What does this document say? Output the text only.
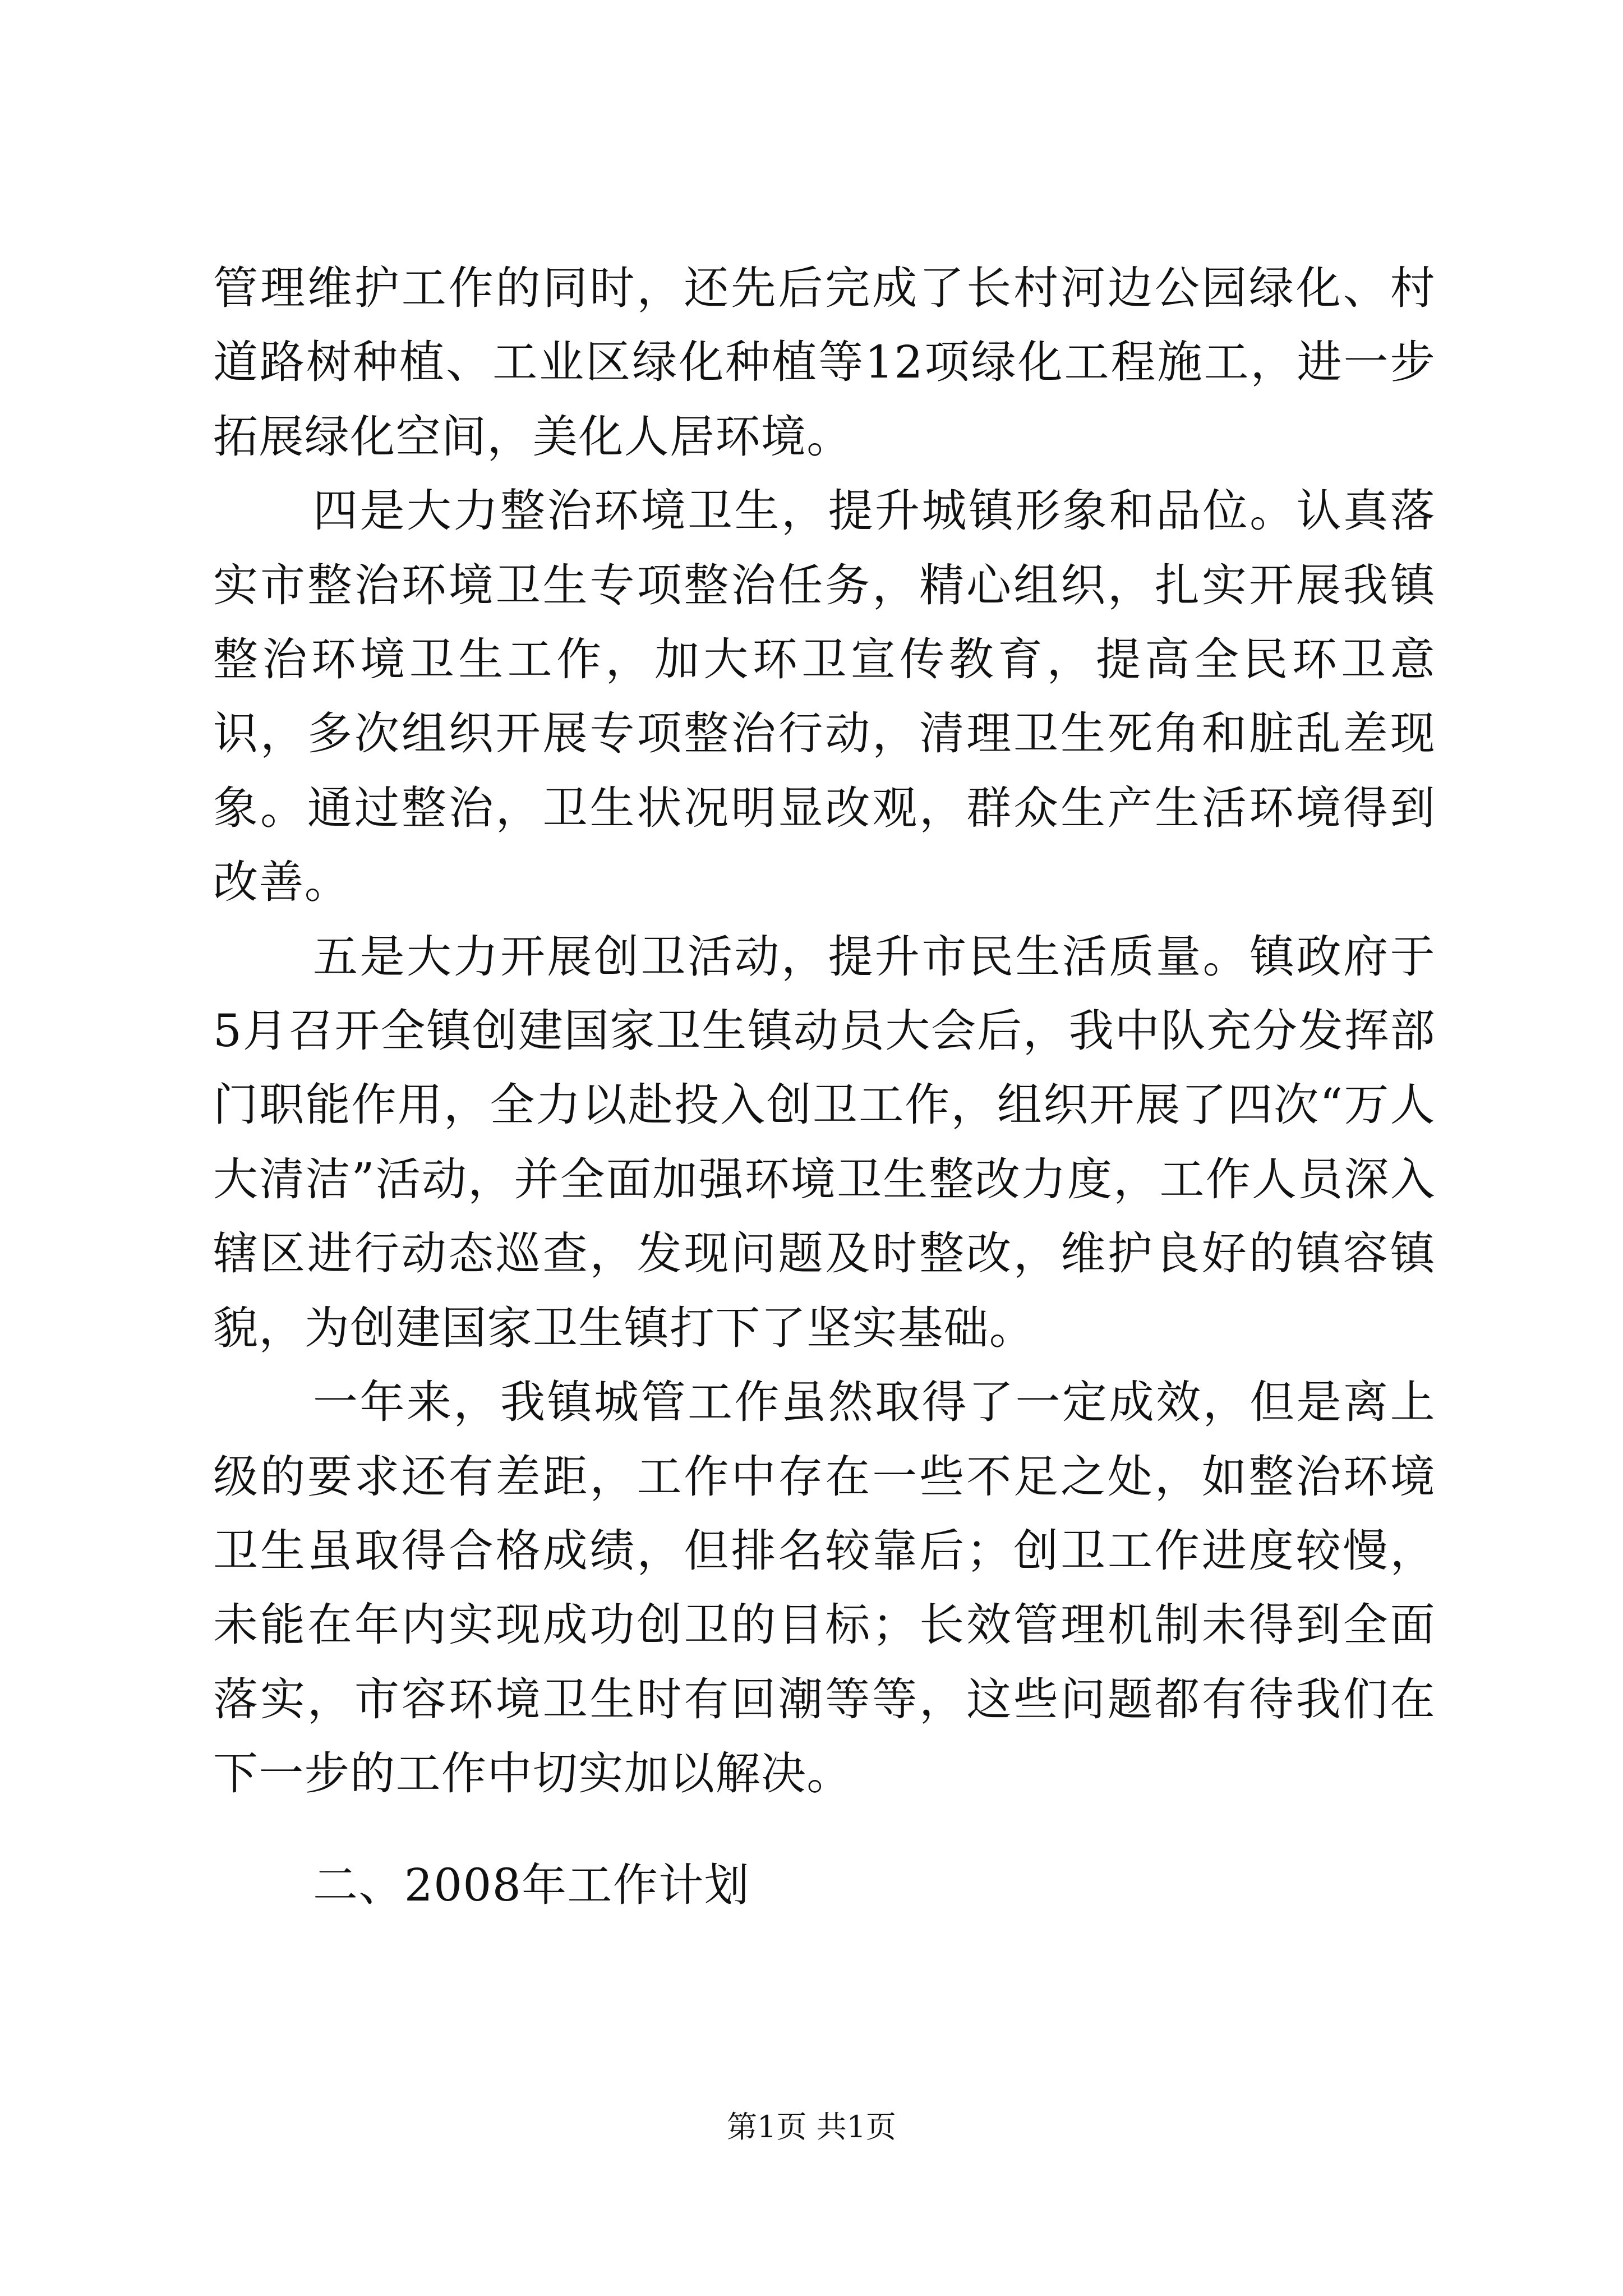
管理维护工作的同时，还先后完成了长村河边公园绿化、村道路树种植、工业区绿化种植等12项绿化工程施工，进一步拓展绿化空间，美化人居环境。

四是大力整治环境卫生，提升城镇形象和品位。认真落实市整治环境卫生专项整治任务，精心组织，扎实开展我镇整治环境卫生工作，加大环卫宣传教育，提高全民环卫意识，多次组织开展专项整治行动，清理卫生死角和脏乱差现象。通过整治，卫生状况明显改观，群众生产生活环境得到改善。

五是大力开展创卫活动，提升市民生活质量。镇政府于5月召开全镇创建国家卫生镇动员大会后，我中队充分发挥部门职能作用，全力以赴投入创卫工作，组织开展了四次“万人大清洁”活动，并全面加强环境卫生整改力度，工作人员深入辖区进行动态巡查，发现问题及时整改，维护良好的镇容镇貌，为创建国家卫生镇打下了坚实基础。

一年来，我镇城管工作虽然取得了一定成效，但是离上级的要求还有差距，工作中存在一些不足之处，如整治环境卫生虽取得合格成绩，但排名较靠后；创卫工作进度较慢，未能在年内实现成功创卫的目标；长效管理机制未得到全面落实，市容环境卫生时有回潮等等，这些问题都有待我们在下一步的工作中切实加以解决。

二、2008年工作计划

第1页 共1页
